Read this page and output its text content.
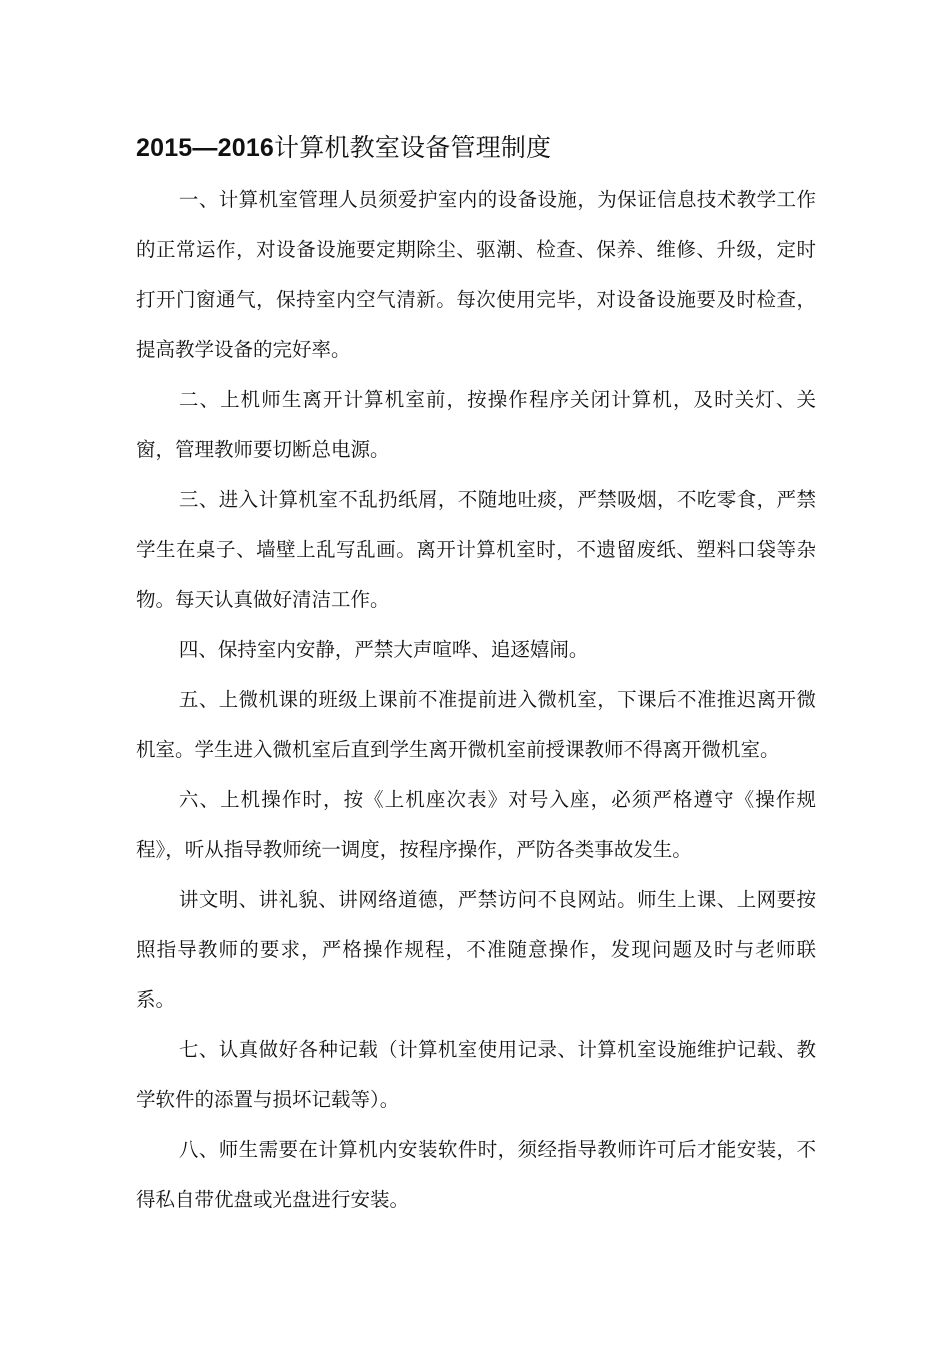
2015—2016计算机教室设备管理制度

一、计算机室管理人员须爱护室内的设备设施，为保证信息技术教学工作的正常运作，对设备设施要定期除尘、驱潮、检查、保养、维修、升级，定时打开门窗通气，保持室内空气清新。每次使用完毕，对设备设施要及时检查，提高教学设备的完好率。

二、上机师生离开计算机室前，按操作程序关闭计算机，及时关灯、关窗，管理教师要切断总电源。

三、进入计算机室不乱扔纸屑，不随地吐痰，严禁吸烟，不吃零食，严禁学生在桌子、墙壁上乱写乱画。离开计算机室时，不遗留废纸、塑料口袋等杂物。每天认真做好清洁工作。

四、保持室内安静，严禁大声喧哗、追逐嬉闹。

五、上微机课的班级上课前不准提前进入微机室，下课后不准推迟离开微机室。学生进入微机室后直到学生离开微机室前授课教师不得离开微机室。

六、上机操作时，按《上机座次表》对号入座，必须严格遵守《操作规程》，听从指导教师统一调度，按程序操作，严防各类事故发生。

讲文明、讲礼貌、讲网络道德，严禁访问不良网站。师生上课、上网要按照指导教师的要求，严格操作规程，不准随意操作，发现问题及时与老师联系。

七、认真做好各种记载（计算机室使用记录、计算机室设施维护记载、教学软件的添置与损坏记载等）。

八、师生需要在计算机内安装软件时，须经指导教师许可后才能安装，不得私自带优盘或光盘进行安装。
